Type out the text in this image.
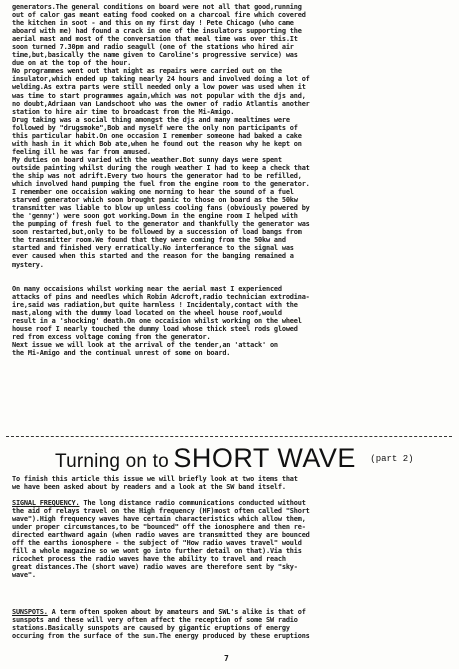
generators.The general conditions on board were not all that good,running

out of calor gas meant eating food cooked on a charcoal fire which covered

the kitchen in soot - and this on my first day ! Pete Chicago (who came

aboard with me) had found a crack in one of the insulators supporting the

aerial mast and most of the conversation that meal time was over this.It

soon turned 7.30pm and radio seagull (one of the stations who hired air

time,but,basically the name given to Caroline's progressive service) was

due on at the top of the hour.

No programmes went out that night as repairs were carried out on the

insulator,which ended up taking nearly 24 hours and involved doing a lot of

welding.As extra parts were still needed only a low power was used when it

was time to start programmes again,which was not popular with the djs and,

no doubt,Adriaan van Landschoot who was the owner of radio Atlantis another

station to hire air time to broadcast from the Mi-Amigo.

Drug taking was a social thing amongst the djs and many mealtimes were

followed by "drugsmoke",Bob and myself were the only non participants of

this particular habit.On one occasion I remember someone had baked a cake

with hash in it which Bob ate,when he found out the reason why he kept on

feeling ill he was far from amused.

My duties on board varied with the weather.Bot sunny days were spent

outside painting whilst during the rough weather I had to keep a check that

the ship was not adrift.Every two hours the generator had to be refilled,

which involved hand pumping the fuel from the engine room to the generator.

I remember one occaision waking one morning to hear the sound of a fuel

starved generator which soon brought panic to those on board as the 50kw

transmitter was liable to blow up unless cooling fans (obviously powered by

the 'genny') were soon got working.Down in the engine room I helped with

the pumping of fresh fuel to the generator and thankfully the generator was

soon restarted,but,only to be followed by a succession of load bangs from

the transmitter room.We found that they were coming from the 50kw and

started and finished very erratically.No interferance to the signal was

ever caused when this started and the reason for the banging remained a

mystery.

On many occaisions whilst working near the aerial mast I experienced

attacks of pins and needles which Robin Adcroft,radio technician extrodina-

ire,said was radiation,but quite harmless ! Incidentaly,contact with the

mast,along with the dummy load located on the wheel house roof,would

result in a 'shocking' death.On one occaision whilst working on the wheel

house roof I nearly touched the dummy load whose thick steel rods glowed

red from excess voltage coming from the generator.

Next issue we will look at the arrival of the tender,an 'attack' on

the Mi-Amigo and the continual unrest of some on board.

Turning on to SHORT WAVE $^{(part 2)}$

To finish this article this issue we will briefly look at two items that

we have been asked about by readers and a look at the SW band itself.

SIGNAL FREQUENCY. The long distance radio communications conducted without

the aid of relays travel on the High frequency (HF)most often called "Short

wave").High frequency waves have certain characteristics which allow them,

under proper circumstances,to be "bounced" off the ionosphere and then re-

directed earthward again (when radio waves are transmitted they are bounced

off the earths ionosphere - the subject of "How radio waves travel" would

fill a whole magazine so we wont go into further detail on that).Via this

ricochet process the radio waves have the ability to travel and reach

great distances.The (short wave) radio waves are therefore sent by "sky-

wave".

SUNSPOTS. A term often spoken about by amateurs and SWL's alike is that of

sunspots and these will very often affect the reception of some SW radio

stations.Basically sunspots are caused by gigantic eruptions of energy

occuring from the surface of the sun.The energy produced by these eruptions

7
